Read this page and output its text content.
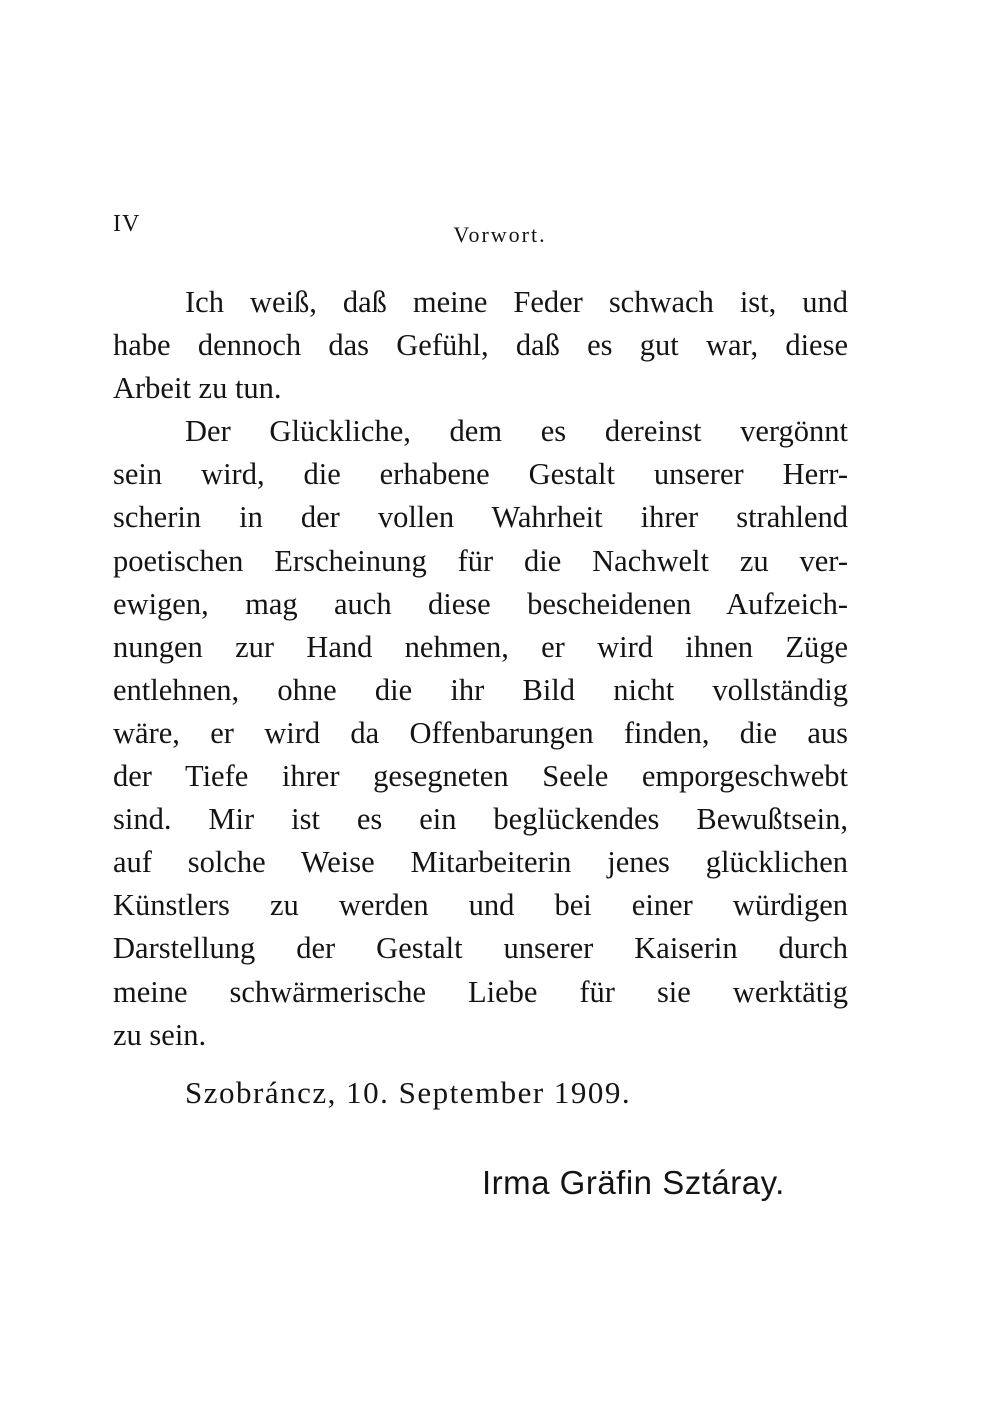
IV	Vorwort.

Ich weiß, daß meine Feder schwach ist, und
habe dennoch das Gefühl, daß es gut war, diese
Arbeit zu tun.

Der Glückliche, dem es dereinst vergönnt
sein wird, die erhabene Gestalt unserer Herr-
scherin in der vollen Wahrheit ihrer strahlend
poetischen Erscheinung für die Nachwelt zu ver-
ewigen, mag auch diese bescheidenen Aufzeich-
nungen zur Hand nehmen, er wird ihnen Züge
entlehnen, ohne die ihr Bild nicht vollständig
wäre, er wird da Offenbarungen finden, die aus
der Tiefe ihrer gesegneten Seele emporgeschwebt
sind. Mir ist es ein beglückendes Bewußtsein,
auf solche Weise Mitarbeiterin jenes glücklichen
Künstlers zu werden und bei einer würdigen
Darstellung der Gestalt unserer Kaiserin durch
meine schwärmerische Liebe für sie werktätig
zu sein.

Szobráncz, 10. September 1909.
Irma Gräfin Sztáray.
